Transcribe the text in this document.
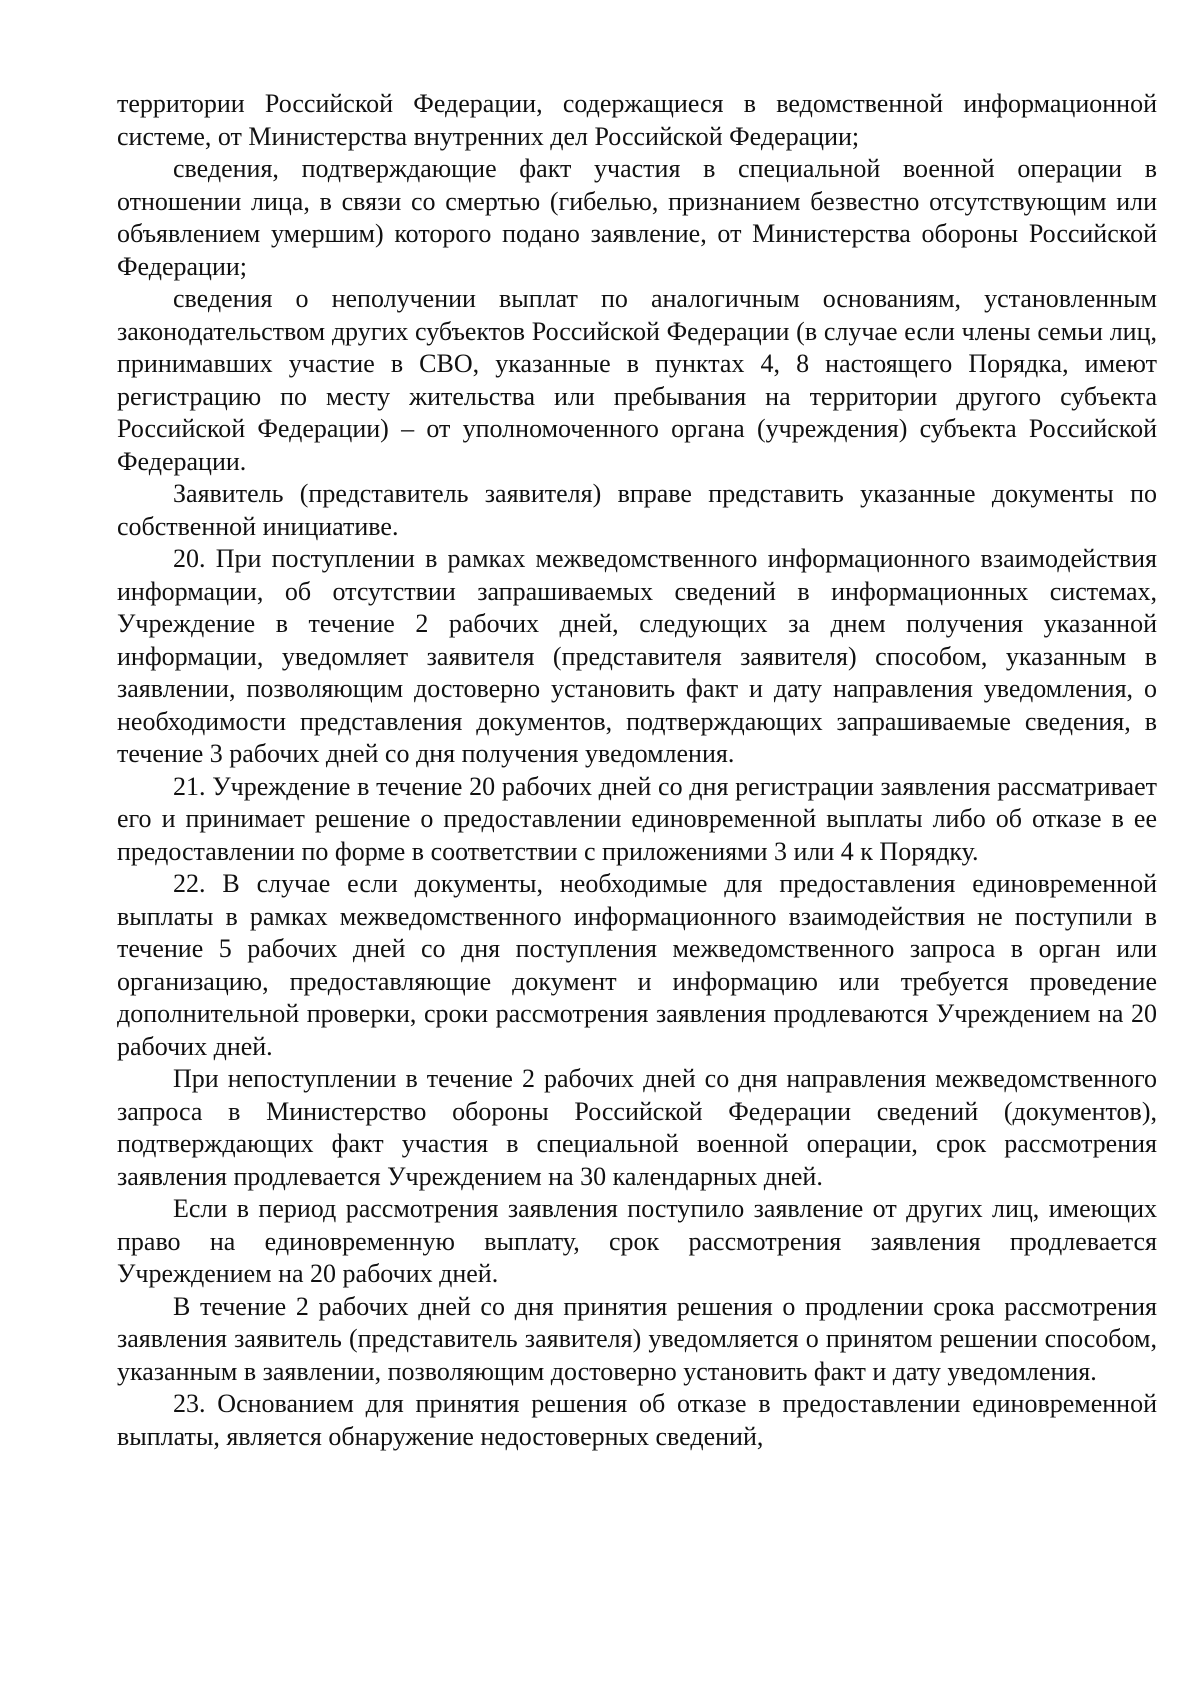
территории Российской Федерации, содержащиеся в ведомственной информационной системе, от Министерства внутренних дел Российской Федерации;

сведения, подтверждающие факт участия в специальной военной операции в отношении лица, в связи со смертью (гибелью, признанием безвестно отсутствующим или объявлением умершим) которого подано заявление, от Министерства обороны Российской Федерации;

сведения о неполучении выплат по аналогичным основаниям, установленным законодательством других субъектов Российской Федерации (в случае если члены семьи лиц, принимавших участие в СВО, указанные в пунктах 4, 8 настоящего Порядка, имеют регистрацию по месту жительства или пребывания на территории другого субъекта Российской Федерации) – от уполномоченного органа (учреждения) субъекта Российской Федерации.

Заявитель (представитель заявителя) вправе представить указанные документы по собственной инициативе.

20. При поступлении в рамках межведомственного информационного взаимодействия информации, об отсутствии запрашиваемых сведений в информационных системах, Учреждение в течение 2 рабочих дней, следующих за днем получения указанной информации, уведомляет заявителя (представителя заявителя) способом, указанным в заявлении, позволяющим достоверно установить факт и дату направления уведомления, о необходимости представления документов, подтверждающих запрашиваемые сведения, в течение 3 рабочих дней со дня получения уведомления.

21. Учреждение в течение 20 рабочих дней со дня регистрации заявления рассматривает его и принимает решение о предоставлении единовременной выплаты либо об отказе в ее предоставлении по форме в соответствии с приложениями 3 или 4 к Порядку.

22. В случае если документы, необходимые для предоставления единовременной выплаты в рамках межведомственного информационного взаимодействия не поступили в течение 5 рабочих дней со дня поступления межведомственного запроса в орган или организацию, предоставляющие документ и информацию или требуется проведение дополнительной проверки, сроки рассмотрения заявления продлеваются Учреждением на 20 рабочих дней.

При непоступлении в течение 2 рабочих дней со дня направления межведомственного запроса в Министерство обороны Российской Федерации сведений (документов), подтверждающих факт участия в специальной военной операции, срок рассмотрения заявления продлевается Учреждением на 30 календарных дней.

Если в период рассмотрения заявления поступило заявление от других лиц, имеющих право на единовременную выплату, срок рассмотрения заявления продлевается Учреждением на 20 рабочих дней.

В течение 2 рабочих дней со дня принятия решения о продлении срока рассмотрения заявления заявитель (представитель заявителя) уведомляется о принятом решении способом, указанным в заявлении, позволяющим достоверно установить факт и дату уведомления.

23. Основанием для принятия решения об отказе в предоставлении единовременной выплаты, является обнаружение недостоверных сведений,
